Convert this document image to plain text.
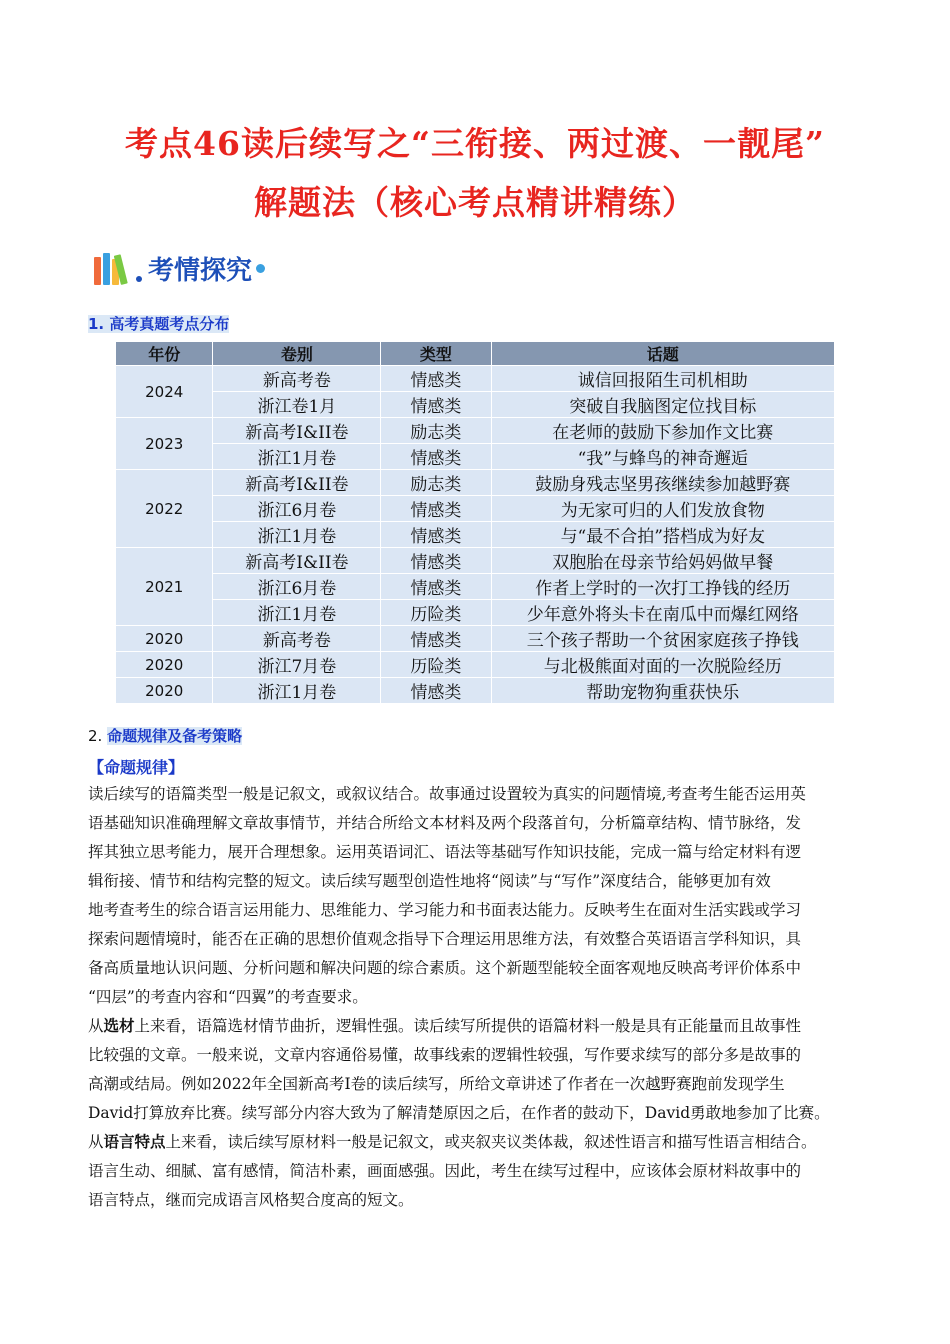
考点46读后续写之“三衔接、两过渡、一靓尾”
解题法（核心考点精讲精练）
考情探究
1. 高考真题考点分布
年份	卷别	类型	话题
2024	新高考卷	情感类	诚信回报陌生司机相助
	浙江卷1月	情感类	突破自我脑图定位找目标
2023	新高考I&II卷	励志类	在老师的鼓励下参加作文比赛
	浙江1月卷	情感类	“我”与蜂鸟的神奇邂逅
2022	新高考I&II卷	励志类	鼓励身残志坚男孩继续参加越野赛
	浙江6月卷	情感类	为无家可归的人们发放食物
	浙江1月卷	情感类	与“最不合拍”搭档成为好友
2021	新高考I&II卷	情感类	双胞胎在母亲节给妈妈做早餐
	浙江6月卷	情感类	作者上学时的一次打工挣钱的经历
	浙江1月卷	历险类	少年意外将头卡在南瓜中而爆红网络
2020	新高考卷	情感类	三个孩子帮助一个贫困家庭孩子挣钱
2020	浙江7月卷	历险类	与北极熊面对面的一次脱险经历
2020	浙江1月卷	情感类	帮助宠物狗重获快乐
2. 命题规律及备考策略
【命题规律】
读后续写的语篇类型一般是记叙文，或叙议结合。故事通过设置较为真实的问题情境,考查考生能否运用英
语基础知识准确理解文章故事情节，并结合所给文本材料及两个段落首句，分析篇章结构、情节脉络，发
挥其独立思考能力，展开合理想象。运用英语词汇、语法等基础写作知识技能，完成一篇与给定材料有逻
辑衔接、情节和结构完整的短文。读后续写题型创造性地将“阅读”与“写作”深度结合，能够更加有效
地考查考生的综合语言运用能力、思维能力、学习能力和书面表达能力。反映考生在面对生活实践或学习
探索问题情境时，能否在正确的思想价值观念指导下合理运用思维方法，有效整合英语语言学科知识，具
备高质量地认识问题、分析问题和解决问题的综合素质。这个新题型能较全面客观地反映高考评价体系中
“四层”的考查内容和“四翼”的考查要求。
从选材上来看，语篇选材情节曲折，逻辑性强。读后续写所提供的语篇材料一般是具有正能量而且故事性
比较强的文章。一般来说，文章内容通俗易懂，故事线索的逻辑性较强，写作要求续写的部分多是故事的
高潮或结局。例如2022年全国新高考I卷的读后续写，所给文章讲述了作者在一次越野赛跑前发现学生
David打算放弃比赛。续写部分内容大致为了解清楚原因之后，在作者的鼓动下，David勇敢地参加了比赛。
从语言特点上来看，读后续写原材料一般是记叙文，或夹叙夹议类体裁，叙述性语言和描写性语言相结合。
语言生动、细腻、富有感情，简洁朴素，画面感强。因此，考生在续写过程中，应该体会原材料故事中的
语言特点，继而完成语言风格契合度高的短文。
